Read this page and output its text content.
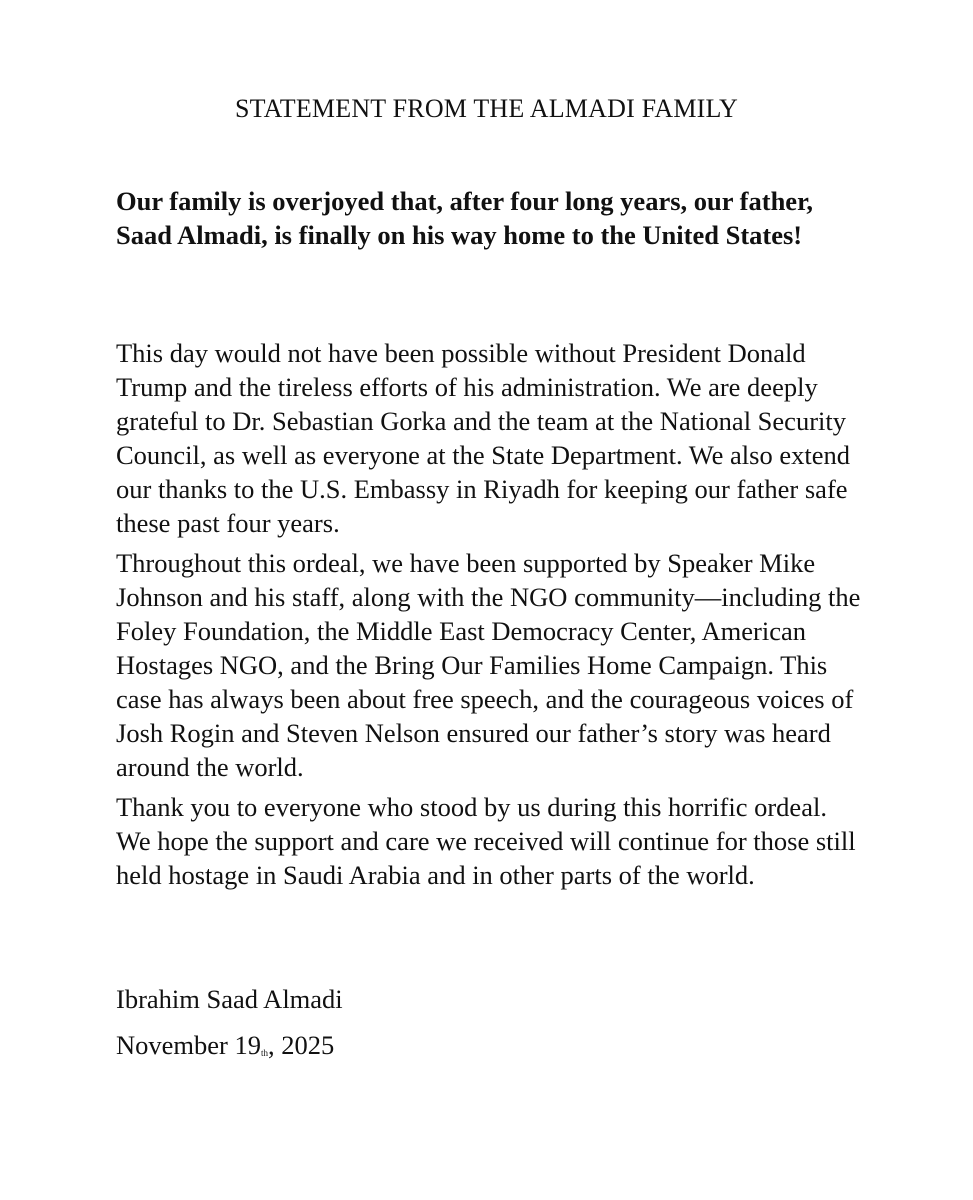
STATEMENT FROM THE ALMADI FAMILY

Our family is overjoyed that, after four long years, our father, Saad Almadi, is finally on his way home to the United States!

This day would not have been possible without President Donald Trump and the tireless efforts of his administration. We are deeply grateful to Dr. Sebastian Gorka and the team at the National Security Council, as well as everyone at the State Department. We also extend our thanks to the U.S. Embassy in Riyadh for keeping our father safe these past four years.

Throughout this ordeal, we have been supported by Speaker Mike Johnson and his staff, along with the NGO community—including the Foley Foundation, the Middle East Democracy Center, American Hostages NGO, and the Bring Our Families Home Campaign. This case has always been about free speech, and the courageous voices of Josh Rogin and Steven Nelson ensured our father’s story was heard around the world.

Thank you to everyone who stood by us during this horrific ordeal. We hope the support and care we received will continue for those still held hostage in Saudi Arabia and in other parts of the world.

Ibrahim Saad Almadi

November 19th, 2025
